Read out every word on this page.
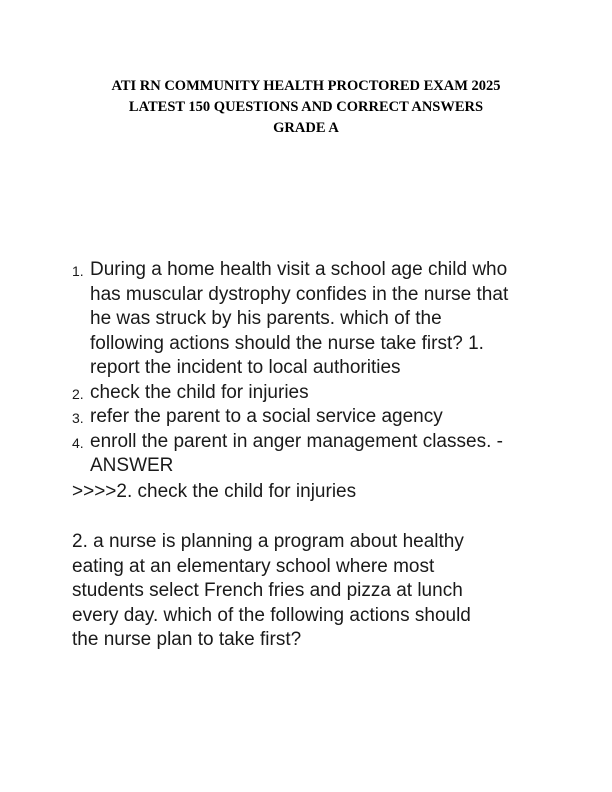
ATI RN COMMUNITY HEALTH PROCTORED EXAM 2025
LATEST 150 QUESTIONS AND CORRECT ANSWERS
GRADE A
1. During a home health visit a school age child who
has muscular dystrophy confides in the nurse that
he was struck by his parents. which of the
following actions should the nurse take first? 1.
report the incident to local authorities
2. check the child for injuries
3. refer the parent to a social service agency
4. enroll the parent in anger management classes. -
ANSWER
>>>>2. check the child for injuries
2. a nurse is planning a program about healthy
eating at an elementary school where most
students select French fries and pizza at lunch
every day. which of the following actions should
the nurse plan to take first?
